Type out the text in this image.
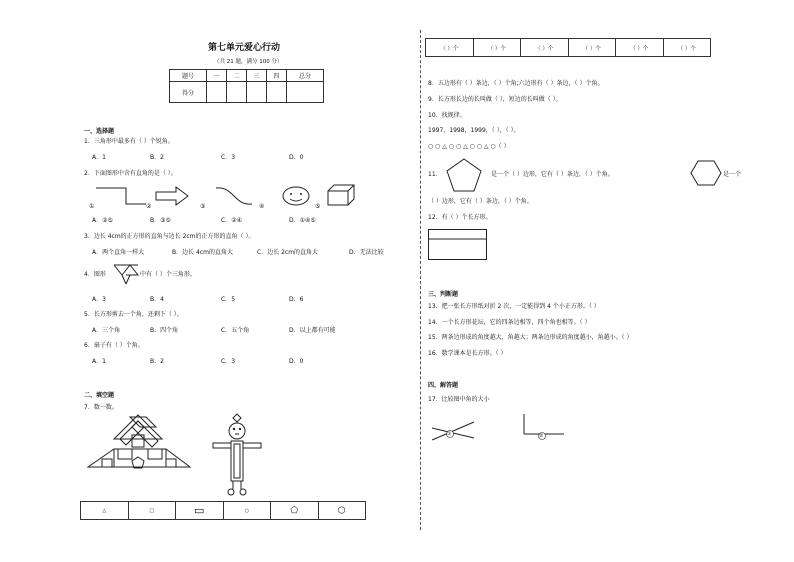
第七单元爱心行动
（共 21 题，满分 100 分）
题号	一	二	三	四	总分
得分					
一、选择题
1．三角形中最多有（ ）个锐角。
A．1	B．2	C．3	D．0
2．下面图形中含有直角的是（ ）。
①	②	③	④	⑤
A．②⑤	B．③⑤	C．②④	D．①④⑤
3．边长 4cm的正方形的直角与边长 2cm的正方形的直角（ ）。
A．两个直角一样大	B．边长 4cm的直角大	C．边长 2cm的直角大	D．无法比较
4．图形	中有（ ）个三角形。
A．3	B．4	C．5	D．6
5．长方形剪去一个角，还剩下（ ）。
A．三个角	B．四个角	C．五个角	D．以上都有可能
6．扇子有（ ）个角。
A．1	B．2	C．3	D．0
二、填空题
7．数一数。
△	□	▭	○	⬠	⬡
（ ）个	（ ）个	（ ）个	（ ）个	（ ）个	（ ）个
8．五边形有（ ）条边，（ ）个角;六边形有（ ）条边，（ ）个角。
9．长方形长边的长叫做（ ），短边的长叫做（ ）。
10．找规律。
1997，1998，1999，（ ），（ ）。
○ ○ △ ○ ○ △ ○ ○ △ ○（ ）
11．	是一个（ ）边形，它有（ ）条边，（ ）个角。	是一个
（ ）边形，它有（ ）条边，（ ）个角。
12．有（ ）个长方形。
三、判断题
13．把一张长方形纸对折 2 次，一定能得到 4 个小正方形。（ ）
14．一个长方形花坛，它的四条边相等，四个角也相等。（ ）
15．两条边形成的角度越大，角越大；两条边形成的角度越小，角越小。（ ）
16．数学课本是长方形。（ ）
四、解答题
17．比较图中角的大小
①	②
